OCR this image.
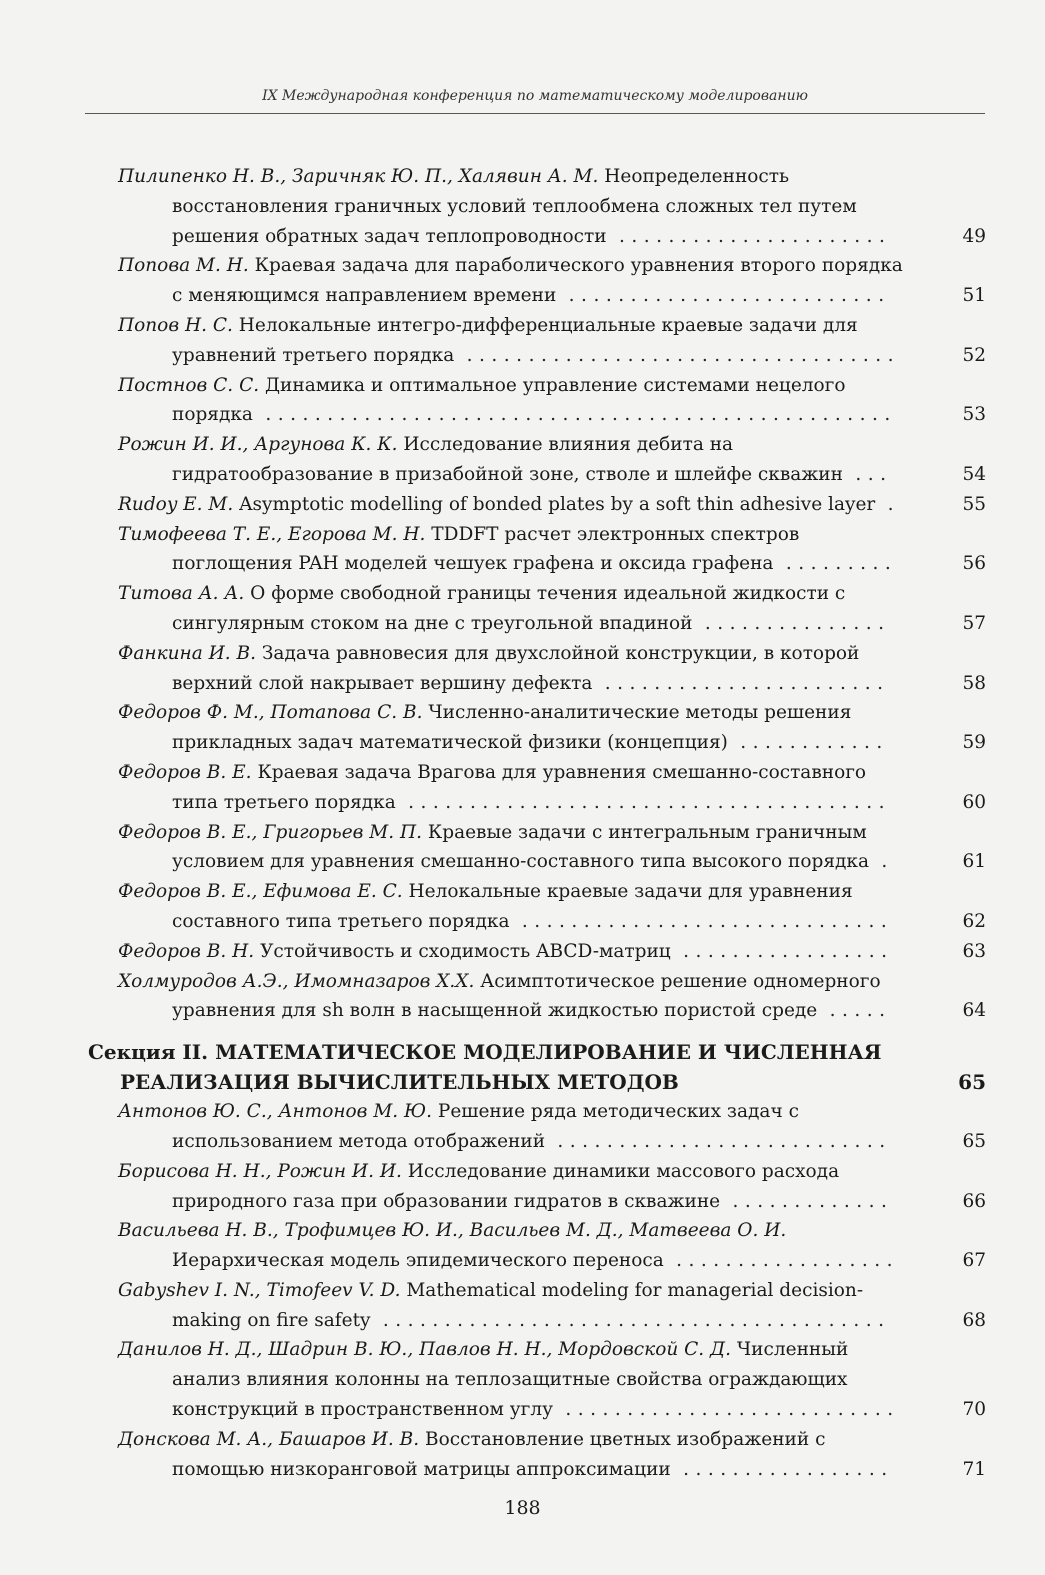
IX Международная конференция по математическому моделированию
Пилипенко Н. В., Заричняк Ю. П., Халявин А. М. Неопределенность восстановления граничных условий теплообмена сложных тел путем решения обратных задач теплопроводности ......................	49
Попова М. Н. Краевая задача для параболического уравнения второго порядка с меняющимся направлением времени ..........................	51
Попов Н. С. Нелокальные интегро-дифференциальные краевые задачи для уравнений третьего порядка ...................................	52
Постнов С. С. Динамика и оптимальное управление системами нецелого порядка ...................................................	53
Рожин И. И., Аргунова К. К. Исследование влияния дебита на гидратообразование в призабойной зоне, стволе и шлейфе скважин ...	54
Rudoy E. M. Asymptotic modelling of bonded plates by a soft thin adhesive layer .	55
Тимофеева Т. Е., Егорова М. Н. TDDFT расчет электронных спектров поглощения PAH моделей чешуек графена и оксида графена .........	56
Титова А. А. О форме свободной границы течения идеальной жидкости с сингулярным стоком на дне с треугольной впадиной ...............	57
Фанкина И. В. Задача равновесия для двухслойной конструкции, в которой верхний слой накрывает вершину дефекта .......................	58
Федоров Ф. М., Потапова С. В. Численно-аналитические методы решения прикладных задач математической физики (концепция) ............	59
Федоров В. Е. Краевая задача Врагова для уравнения смешанно-составного типа третьего порядка .......................................	60
Федоров В. Е., Григорьев М. П. Краевые задачи с интегральным граничным условием для уравнения смешанно-составного типа высокого порядка .	61
Федоров В. Е., Ефимова Е. С. Нелокальные краевые задачи для уравнения составного типа третьего порядка ..............................	62
Федоров В. Н. Устойчивость и сходимость ABCD-матриц .................	63
Холмуродов А.Э., Имомназаров Х.Х. Асимптотическое решение одномерного уравнения для sh волн в насыщенной жидкостью пористой среде .....	64
Секция II. МАТЕМАТИЧЕСКОЕ МОДЕЛИРОВАНИЕ И ЧИСЛЕННАЯ РЕАЛИЗАЦИЯ ВЫЧИСЛИТЕЛЬНЫХ МЕТОДОВ	65
Антонов Ю. С., Антонов М. Ю. Решение ряда методических задач с использованием метода отображений ...........................	65
Борисова Н. Н., Рожин И. И. Исследование динамики массового расхода природного газа при образовании гидратов в скважине .............	66
Васильева Н. В., Трофимцев Ю. И., Васильев М. Д., Матвеева О. И. Иерархическая модель эпидемического переноса ..................	67
Gabyshev I. N., Timofeev V. D. Mathematical modeling for managerial decision-making on fire safety .........................................	68
Данилов Н. Д., Шадрин В. Ю., Павлов Н. Н., Мордовской С. Д. Численный анализ влияния колонны на теплозащитные свойства ограждающих конструкций в пространственном углу ...........................	70
Донскова М. А., Башаров И. В. Восстановление цветных изображений с помощью низкоранговой матрицы аппроксимации .................	71
188
